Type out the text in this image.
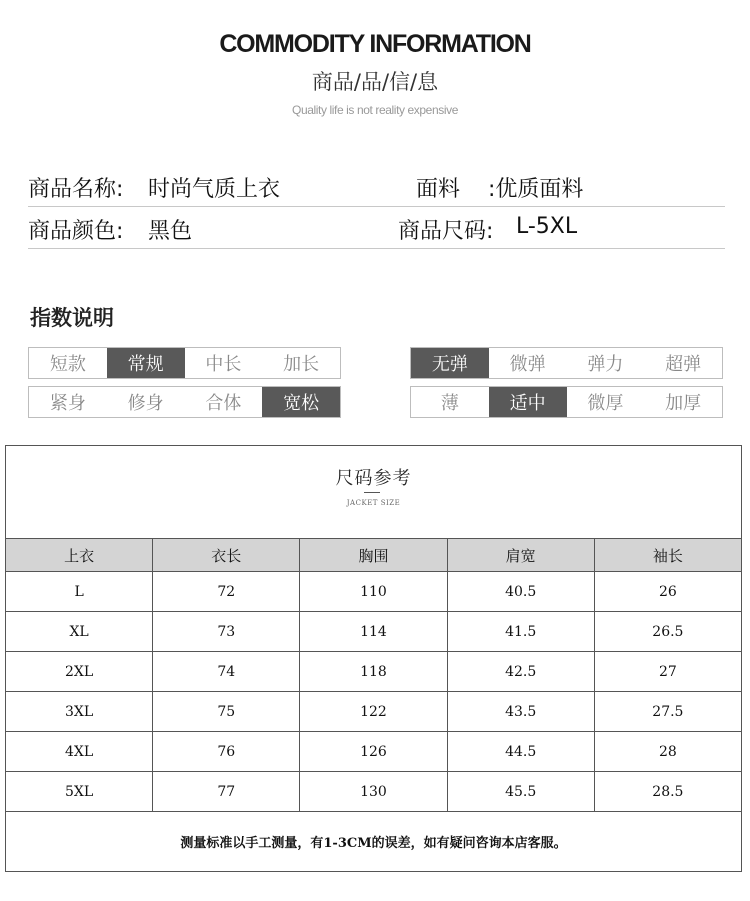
COMMODITY INFORMATION
商品/品/信/息
Quality life is not reality expensive
商品名称: 时尚气质上衣	面料 :优质面料
商品颜色: 黑色	商品尺码: L-5XL
指数说明
短款	常规	中长	加长
紧身	修身	合体	宽松
无弹	微弹	弹力	超弹
薄	适中	微厚	加厚
尺码参考
JACKET SIZE
上衣	衣长	胸围	肩宽	袖长
L	72	110	40.5	26
XL	73	114	41.5	26.5
2XL	74	118	42.5	27
3XL	75	122	43.5	27.5
4XL	76	126	44.5	28
5XL	77	130	45.5	28.5
测量标准以手工测量，有1-3CM的误差，如有疑问咨询本店客服。
